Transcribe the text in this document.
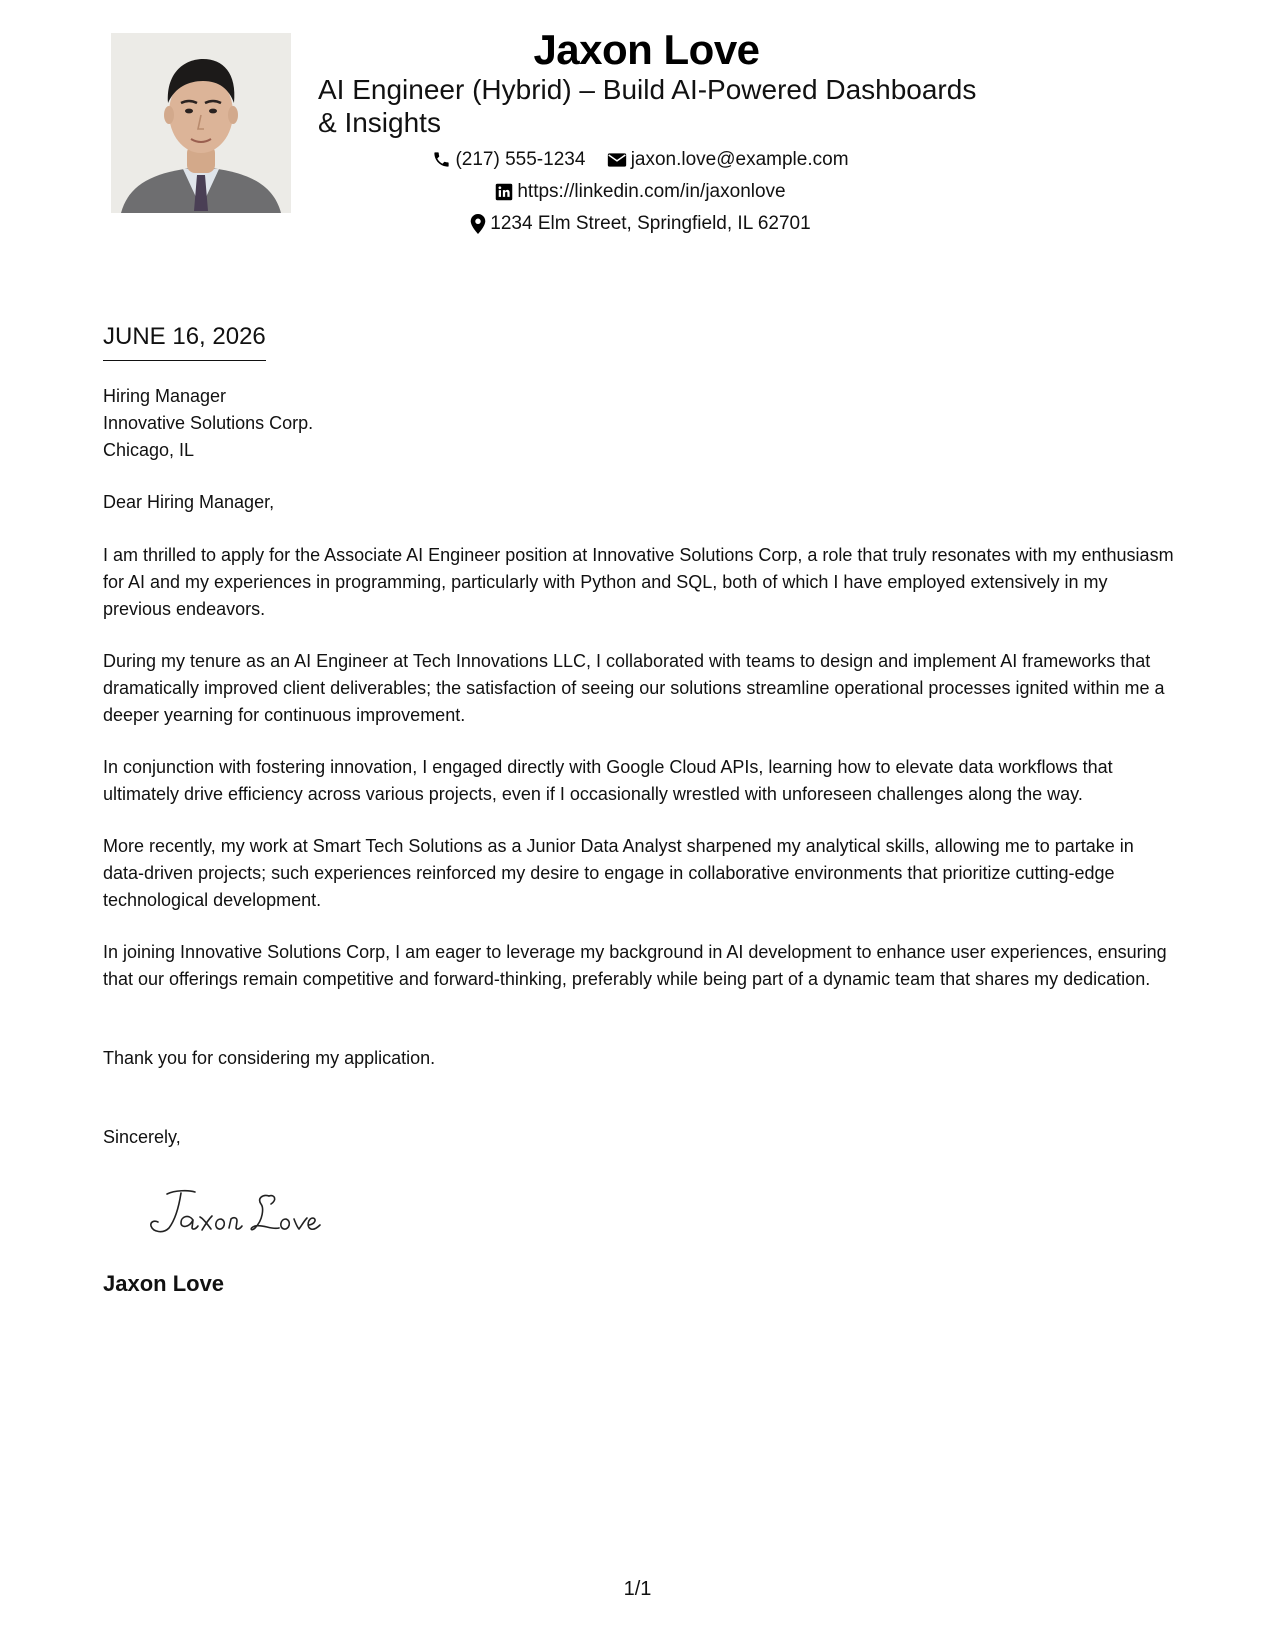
Jaxon Love
AI Engineer (Hybrid) – Build AI-Powered Dashboards
& Insights
(217) 555-1234
jaxon.love@example.com
https://linkedin.com/in/jaxonlove
1234 Elm Street, Springfield, IL 62701
JUNE 16, 2026
Hiring Manager
Innovative Solutions Corp.
Chicago, IL
Dear Hiring Manager,
I am thrilled to apply for the Associate AI Engineer position at Innovative Solutions Corp, a role that truly resonates with my enthusiasm for AI and my experiences in programming, particularly with Python and SQL, both of which I have employed extensively in my previous endeavors.
During my tenure as an AI Engineer at Tech Innovations LLC, I collaborated with teams to design and implement AI frameworks that dramatically improved client deliverables; the satisfaction of seeing our solutions streamline operational processes ignited within me a deeper yearning for continuous improvement.
In conjunction with fostering innovation, I engaged directly with Google Cloud APIs, learning how to elevate data workflows that ultimately drive efficiency across various projects, even if I occasionally wrestled with unforeseen challenges along the way.
More recently, my work at Smart Tech Solutions as a Junior Data Analyst sharpened my analytical skills, allowing me to partake in data-driven projects; such experiences reinforced my desire to engage in collaborative environments that prioritize cutting-edge technological development.
In joining Innovative Solutions Corp, I am eager to leverage my background in AI development to enhance user experiences, ensuring that our offerings remain competitive and forward-thinking, preferably while being part of a dynamic team that shares my dedication.
Thank you for considering my application.
Sincerely,
Jaxon Love
1/1
